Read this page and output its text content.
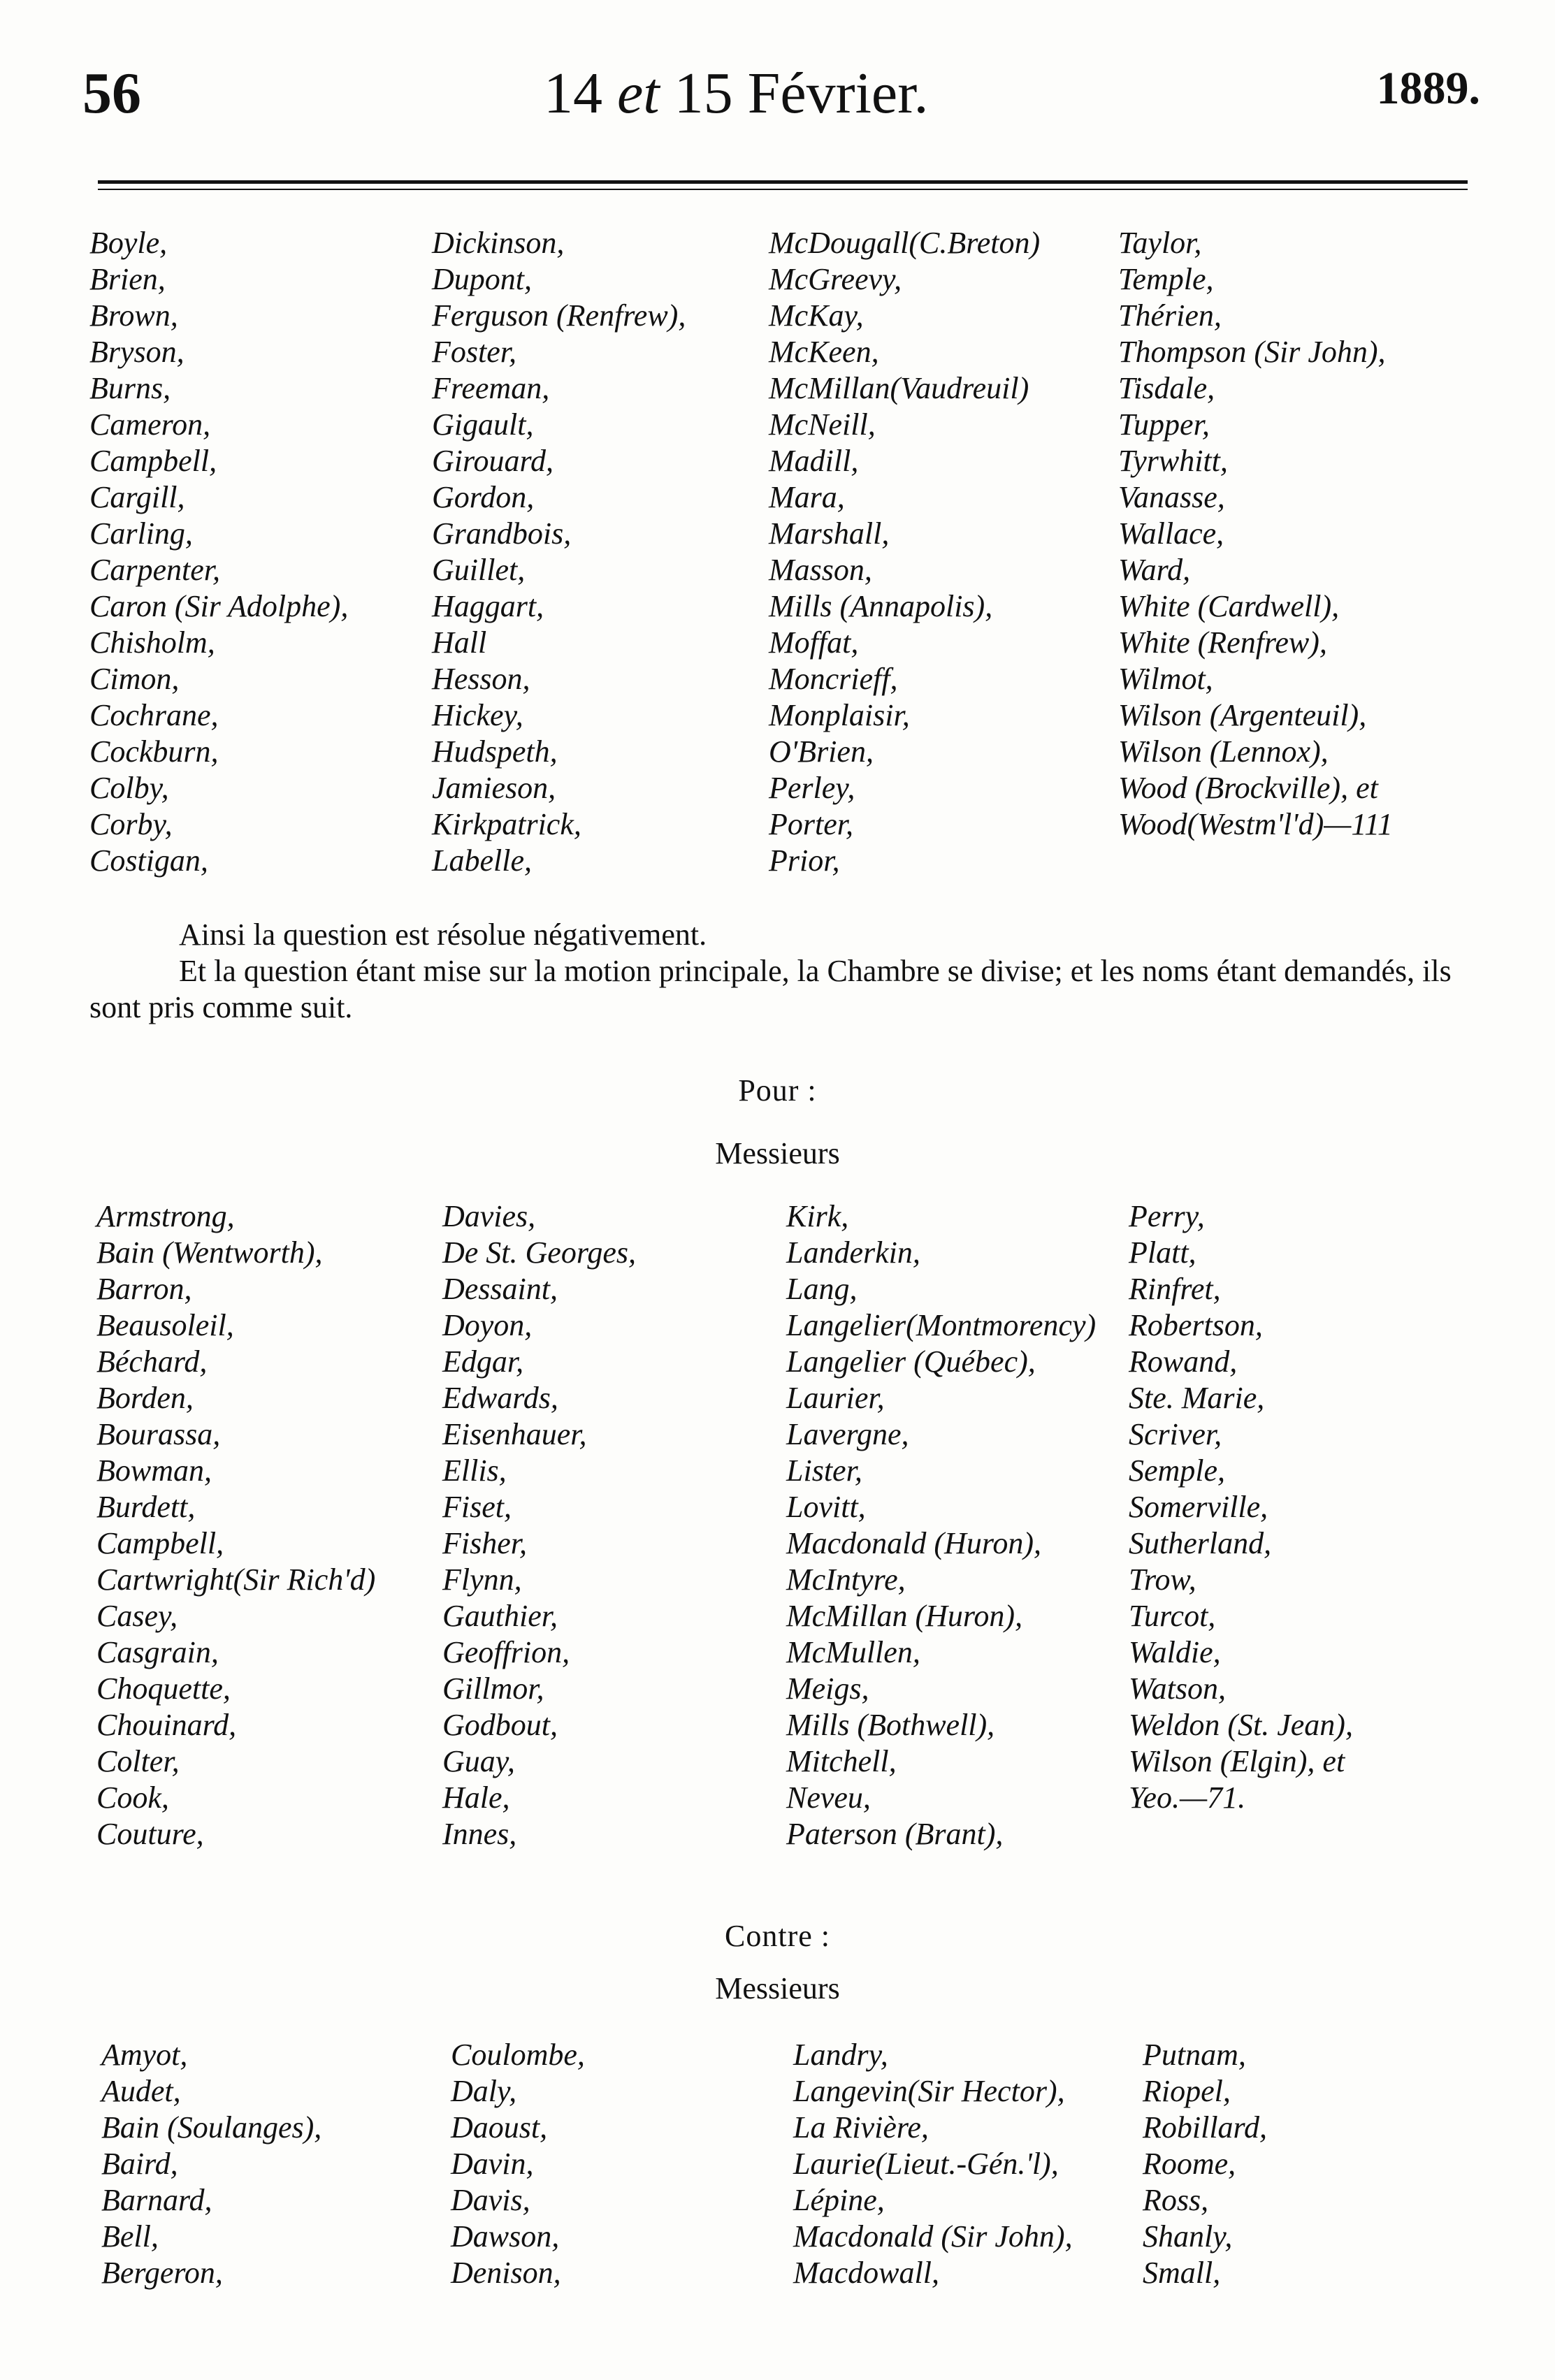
56	14 et 15 Février.	1889.
Boyle,
Brien,
Brown,
Bryson,
Burns,
Cameron,
Campbell,
Cargill,
Carling,
Carpenter,
Caron (Sir Adolphe),
Chisholm,
Cimon,
Cochrane,
Cockburn,
Colby,
Corby,
Costigan,
Dickinson,
Dupont,
Ferguson (Renfrew),
Foster,
Freeman,
Gigault,
Girouard,
Gordon,
Grandbois,
Guillet,
Haggart,
Hall
Hesson,
Hickey,
Hudspeth,
Jamieson,
Kirkpatrick,
Labelle,
McDougall(C.Breton)
McGreevy,
McKay,
McKeen,
McMillan(Vaudreuil)
McNeill,
Madill,
Mara,
Marshall,
Masson,
Mills (Annapolis),
Moffat,
Moncrieff,
Monplaisir,
O'Brien,
Perley,
Porter,
Prior,
Taylor,
Temple,
Thérien,
Thompson (Sir John),
Tisdale,
Tupper,
Tyrwhitt,
Vanasse,
Wallace,
Ward,
White (Cardwell),
White (Renfrew),
Wilmot,
Wilson (Argenteuil),
Wilson (Lennox),
Wood (Brockville), et
Wood(Westm'l'd)—111
Ainsi la question est résolue négativement.
Et la question étant mise sur la motion principale, la Chambre se divise; et les noms étant demandés, ils sont pris comme suit.
Pour :
Messieurs
Armstrong,
Bain (Wentworth),
Barron,
Beausoleil,
Béchard,
Borden,
Bourassa,
Bowman,
Burdett,
Campbell,
Cartwright(Sir Rich'd)
Casey,
Casgrain,
Choquette,
Chouinard,
Colter,
Cook,
Couture,
Davies,
De St. Georges,
Dessaint,
Doyon,
Edgar,
Edwards,
Eisenhauer,
Ellis,
Fiset,
Fisher,
Flynn,
Gauthier,
Geoffrion,
Gillmor,
Godbout,
Guay,
Hale,
Innes,
Kirk,
Landerkin,
Lang,
Langelier(Montmorency)
Langelier (Québec),
Laurier,
Lavergne,
Lister,
Lovitt,
Macdonald (Huron),
McIntyre,
McMillan (Huron),
McMullen,
Meigs,
Mills (Bothwell),
Mitchell,
Neveu,
Paterson (Brant),
Perry,
Platt,
Rinfret,
Robertson,
Rowand,
Ste. Marie,
Scriver,
Semple,
Somerville,
Sutherland,
Trow,
Turcot,
Waldie,
Watson,
Weldon (St. Jean),
Wilson (Elgin), et
Yeo.—71.
Contre :
Messieurs
Amyot,
Audet,
Bain (Soulanges),
Baird,
Barnard,
Bell,
Bergeron,
Coulombe,
Daly,
Daoust,
Davin,
Davis,
Dawson,
Denison,
Landry,
Langevin(Sir Hector),
La Rivière,
Laurie(Lieut.-Gén.'l),
Lépine,
Macdonald (Sir John),
Macdowall,
Putnam,
Riopel,
Robillard,
Roome,
Ross,
Shanly,
Small,
